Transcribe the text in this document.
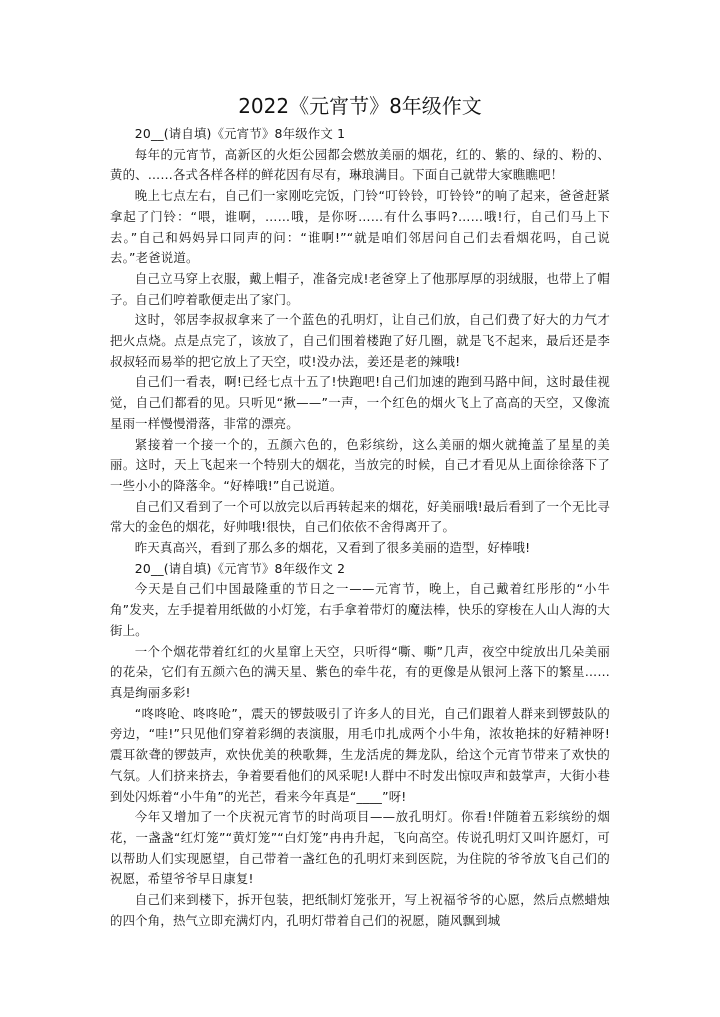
2022《元宵节》8年级作文

20__(请自填)《元宵节》8年级作文 1

每年的元宵节，高新区的火炬公园都会燃放美丽的烟花，红的、紫的、绿的、粉的、黄的、……各式各样各样的鲜花因有尽有，琳琅满目。下面自己就带大家瞧瞧吧！

晚上七点左右，自己们一家刚吃完饭，门铃“叮铃铃，叮铃铃”的响了起来，爸爸赶紧拿起了门铃：“喂，谁啊，……哦，是你呀……有什么事吗?……哦!行，自己们马上下去。”自己和妈妈异口同声的问：“谁啊!”“就是咱们邻居问自己们去看烟花吗，自己说去。”老爸说道。

自己立马穿上衣服，戴上帽子，准备完成!老爸穿上了他那厚厚的羽绒服，也带上了帽子。自己们哼着歌便走出了家门。

这时，邻居李叔叔拿来了一个蓝色的孔明灯，让自己们放，自己们费了好大的力气才把火点烧。点是点完了，该放了，自己们围着楼跑了好几圈，就是飞不起来，最后还是李叔叔轻而易举的把它放上了天空，哎!没办法，姜还是老的辣哦!

自己们一看表，啊!已经七点十五了!快跑吧!自己们加速的跑到马路中间，这时最佳视觉，自己们都看的见。只听见“揪——”一声，一个红色的烟火飞上了高高的天空，又像流星雨一样慢慢滑落，非常的漂亮。

紧接着一个接一个的，五颜六色的，色彩缤纷，这么美丽的烟火就掩盖了星星的美丽。这时，天上飞起来一个特别大的烟花，当放完的时候，自己才看见从上面徐徐落下了一些小小的降落伞。“好棒哦!”自己说道。

自己们又看到了一个可以放完以后再转起来的烟花，好美丽哦!最后看到了一个无比寻常大的金色的烟花，好帅哦!很快，自己们依依不舍得离开了。

昨天真高兴，看到了那么多的烟花，又看到了很多美丽的造型，好棒哦!

20__(请自填)《元宵节》8年级作文 2

今天是自己们中国最隆重的节日之一——元宵节，晚上，自己戴着红彤彤的“小牛角”发夹，左手提着用纸做的小灯笼，右手拿着带灯的魔法棒，快乐的穿梭在人山人海的大街上。

一个个烟花带着红红的火星窜上天空，只听得“嘶、嘶”几声，夜空中绽放出几朵美丽的花朵，它们有五颜六色的满天星、紫色的牵牛花，有的更像是从银河上落下的繁星……真是绚丽多彩!

“咚咚呛、咚咚呛”，震天的锣鼓吸引了许多人的目光，自己们跟着人群来到锣鼓队的旁边，“哇!”只见他们穿着彩绸的表演服，用毛巾扎成两个小牛角，浓妆艳抹的好精神呀!震耳欲聋的锣鼓声，欢快优美的秧歌舞，生龙活虎的舞龙队，给这个元宵节带来了欢快的气氛。人们挤来挤去，争着要看他们的风采呢!人群中不时发出惊叹声和鼓掌声，大街小巷到处闪烁着“小牛角”的光芒，看来今年真是“____”呀!

今年又增加了一个庆祝元宵节的时尚项目——放孔明灯。你看!伴随着五彩缤纷的烟花，一盏盏“红灯笼”“黄灯笼”“白灯笼”冉冉升起，飞向高空。传说孔明灯又叫许愿灯，可以帮助人们实现愿望，自己带着一盏红色的孔明灯来到医院，为住院的爷爷放飞自己们的祝愿，希望爷爷早日康复!

自己们来到楼下，拆开包装，把纸制灯笼张开，写上祝福爷爷的心愿，然后点燃蜡烛的四个角，热气立即充满灯内，孔明灯带着自己们的祝愿，随风飘到城
